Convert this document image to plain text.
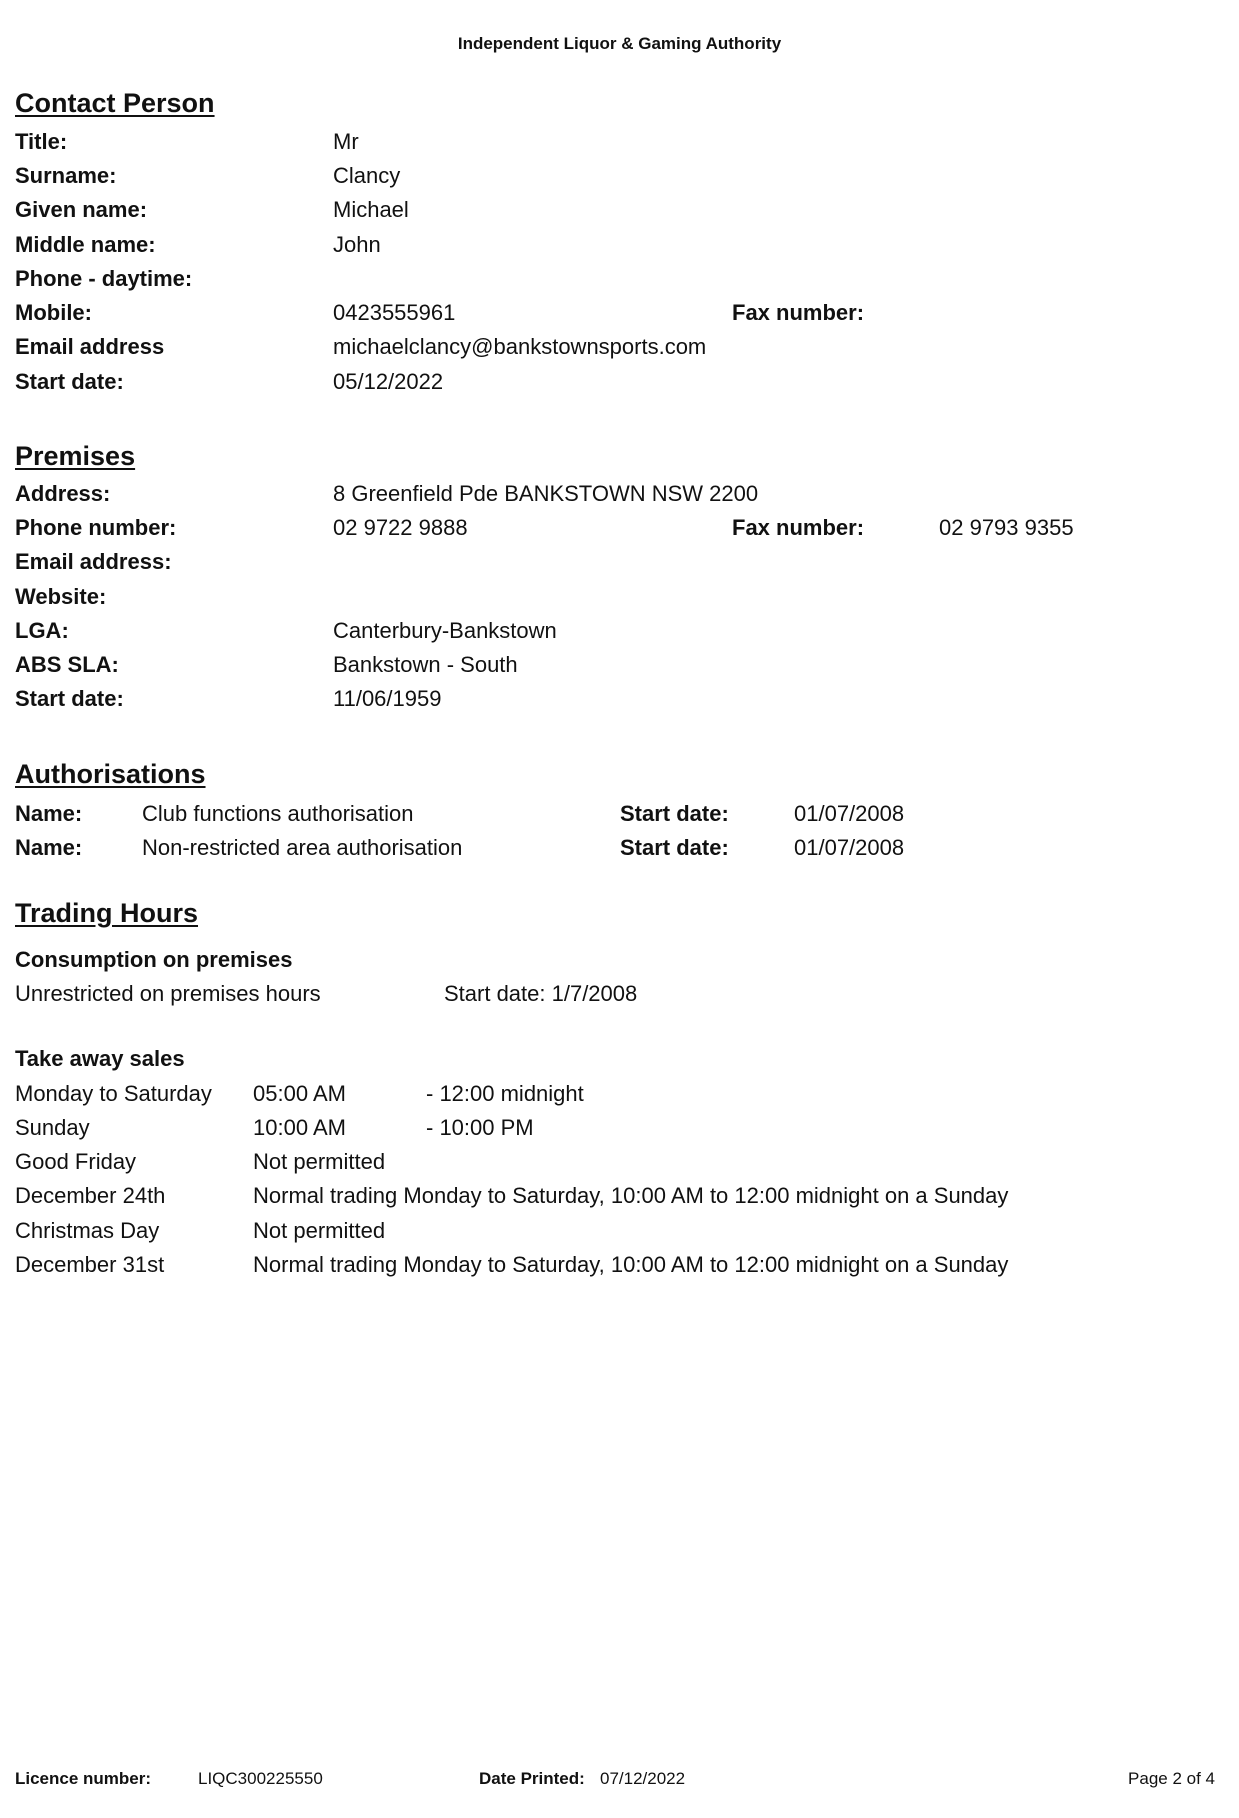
Independent Liquor & Gaming Authority
Contact Person
Title:	Mr
Surname:	Clancy
Given name:	Michael
Middle name:	John
Phone - daytime:
Mobile:	0423555961	Fax number:
Email address	michaelclancy@bankstownsports.com
Start date:	05/12/2022
Premises
Address:	8 Greenfield Pde BANKSTOWN NSW 2200
Phone number:	02 9722 9888	Fax number:	02 9793 9355
Email address:
Website:
LGA:	Canterbury-Bankstown
ABS SLA:	Bankstown - South
Start date:	11/06/1959
Authorisations
Name:	Club functions authorisation	Start date:	01/07/2008
Name:	Non-restricted area authorisation	Start date:	01/07/2008
Trading Hours
Consumption on premises
Unrestricted on premises hours	Start date: 1/7/2008
Take away sales
Monday to Saturday 05:00 AM	- 12:00 midnight
Sunday	10:00 AM	- 10:00 PM
Good Friday	Not permitted
December 24th	Normal trading Monday to Saturday, 10:00 AM to 12:00 midnight on a Sunday
Christmas Day	Not permitted
December 31st	Normal trading Monday to Saturday, 10:00 AM to 12:00 midnight on a Sunday
Licence number:	LIQC300225550	Date Printed: 07/12/2022	Page 2 of 4
